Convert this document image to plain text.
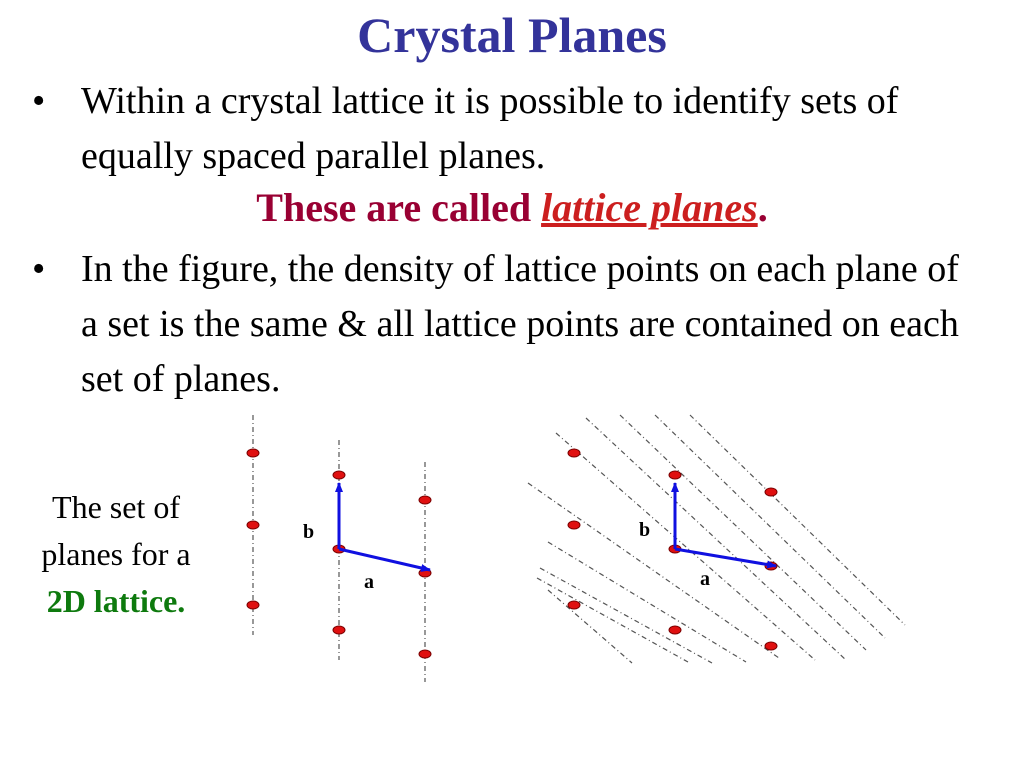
Crystal Planes
• Within a crystal lattice it is possible to identify sets of equally spaced parallel planes.
These are called lattice planes.
• In the figure, the density of lattice points on each plane of a set is the same & all lattice points are contained on each set of planes.
The set of
planes for a
2D lattice.
b
a
b
a
